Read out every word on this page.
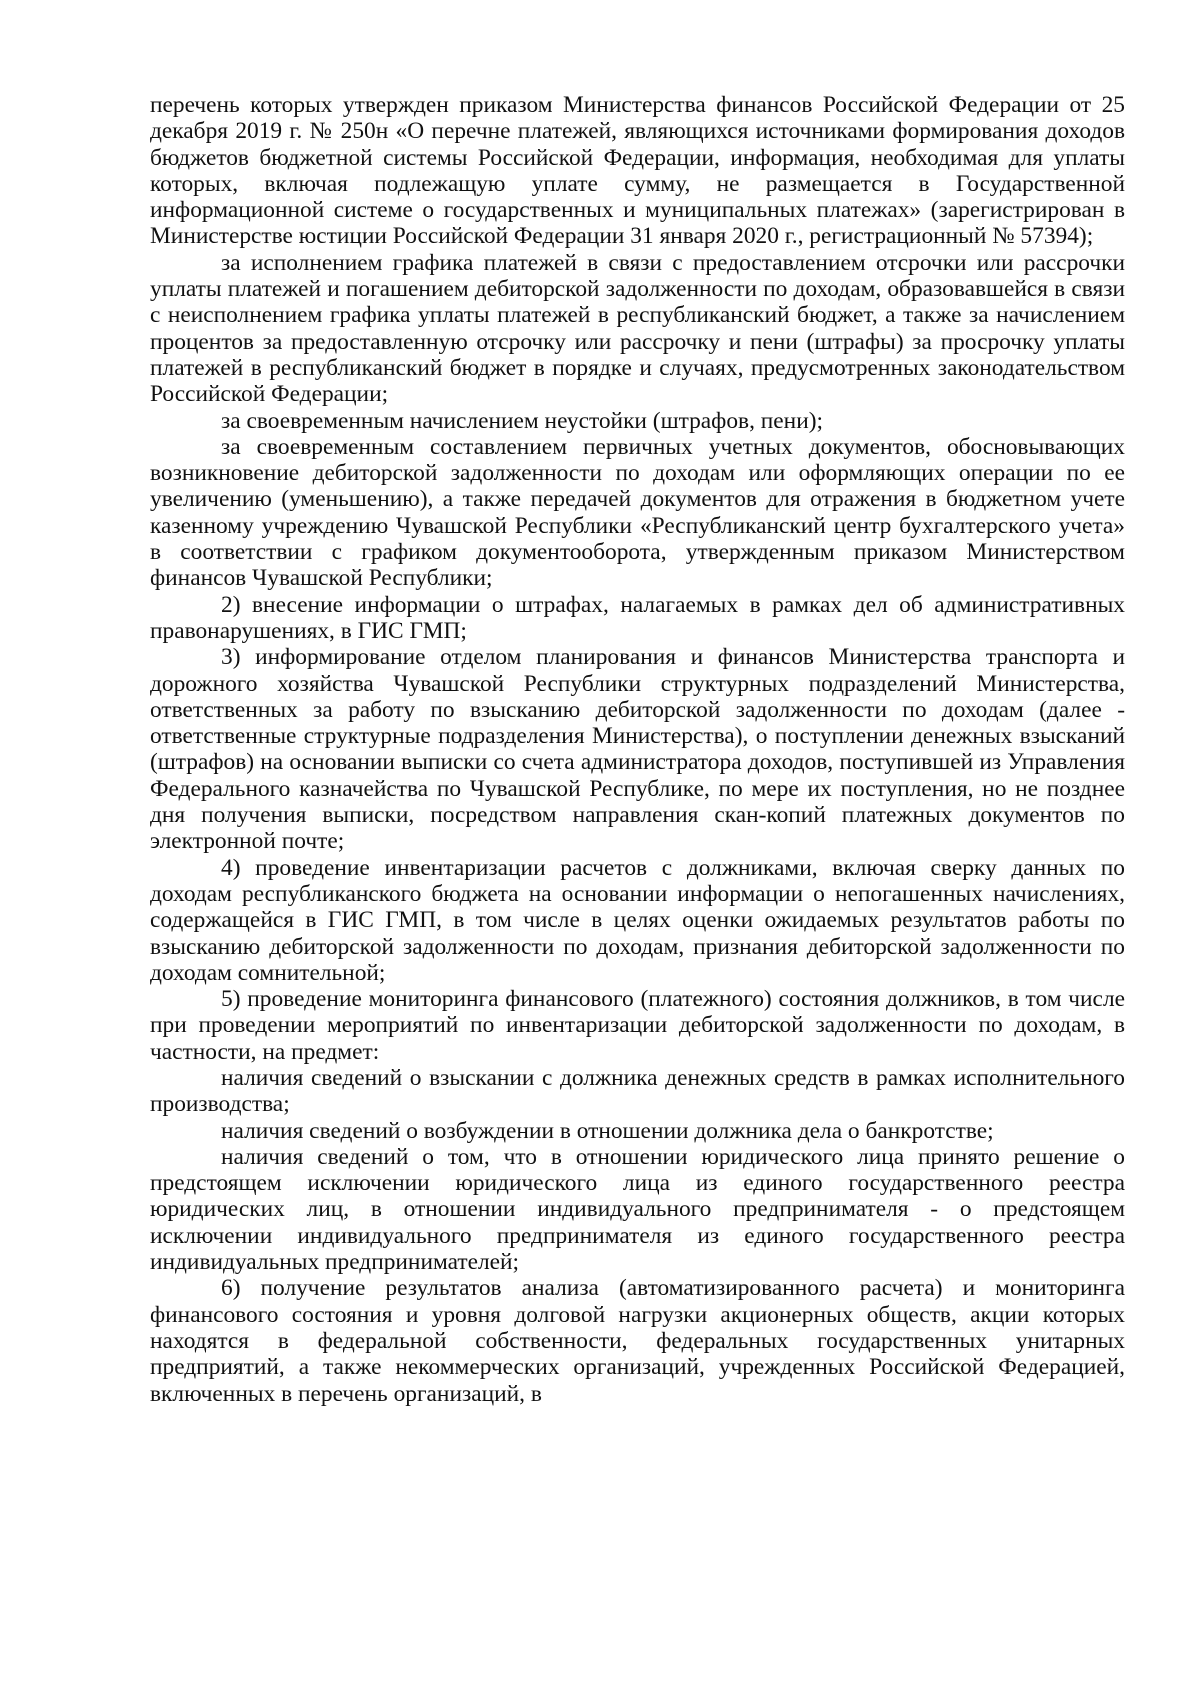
перечень которых утвержден приказом Министерства финансов Российской Федерации от 25 декабря 2019 г. № 250н «О перечне платежей, являющихся источниками формирования доходов бюджетов бюджетной системы Российской Федерации, информация, необходимая для уплаты которых, включая подлежащую уплате сумму, не размещается в Государственной информационной системе о государственных и муниципальных платежах» (зарегистрирован в Министерстве юстиции Российской Федерации 31 января 2020 г., регистрационный № 57394);

за исполнением графика платежей в связи с предоставлением отсрочки или рассрочки уплаты платежей и погашением дебиторской задолженности по доходам, образовавшейся в связи с неисполнением графика уплаты платежей в республиканский бюджет, а также за начислением процентов за предоставленную отсрочку или рассрочку и пени (штрафы) за просрочку уплаты платежей в республиканский бюджет в порядке и случаях, предусмотренных законодательством Российской Федерации;

за своевременным начислением неустойки (штрафов, пени);

за своевременным составлением первичных учетных документов, обосновывающих возникновение дебиторской задолженности по доходам или оформляющих операции по ее увеличению (уменьшению), а также передачей документов для отражения в бюджетном учете казенному учреждению Чувашской Республики «Республиканский центр бухгалтерского учета» в соответствии с графиком документооборота, утвержденным приказом Министерством финансов Чувашской Республики;

2) внесение информации о штрафах, налагаемых в рамках дел об административных правонарушениях, в ГИС ГМП;

3) информирование отделом планирования и финансов Министерства транспорта и дорожного хозяйства Чувашской Республики структурных подразделений Министерства, ответственных за работу по взысканию дебиторской задолженности по доходам (далее - ответственные структурные подразделения Министерства), о поступлении денежных взысканий (штрафов) на основании выписки со счета администратора доходов, поступившей из Управления Федерального казначейства по Чувашской Республике, по мере их поступления, но не позднее дня получения выписки, посредством направления скан-копий платежных документов по электронной почте;

4) проведение инвентаризации расчетов с должниками, включая сверку данных по доходам республиканского бюджета на основании информации о непогашенных начислениях, содержащейся в ГИС ГМП, в том числе в целях оценки ожидаемых результатов работы по взысканию дебиторской задолженности по доходам, признания дебиторской задолженности по доходам сомнительной;

5) проведение мониторинга финансового (платежного) состояния должников, в том числе при проведении мероприятий по инвентаризации дебиторской задолженности по доходам, в частности, на предмет:

наличия сведений о взыскании с должника денежных средств в рамках исполнительного производства;

наличия сведений о возбуждении в отношении должника дела о банкротстве;

наличия сведений о том, что в отношении юридического лица принято решение о предстоящем исключении юридического лица из единого государственного реестра юридических лиц, в отношении индивидуального предпринимателя - о предстоящем исключении индивидуального предпринимателя из единого государственного реестра индивидуальных предпринимателей;

6) получение результатов анализа (автоматизированного расчета) и мониторинга финансового состояния и уровня долговой нагрузки акционерных обществ, акции которых находятся в федеральной собственности, федеральных государственных унитарных предприятий, а также некоммерческих организаций, учрежденных Российской Федерацией, включенных в перечень организаций, в
